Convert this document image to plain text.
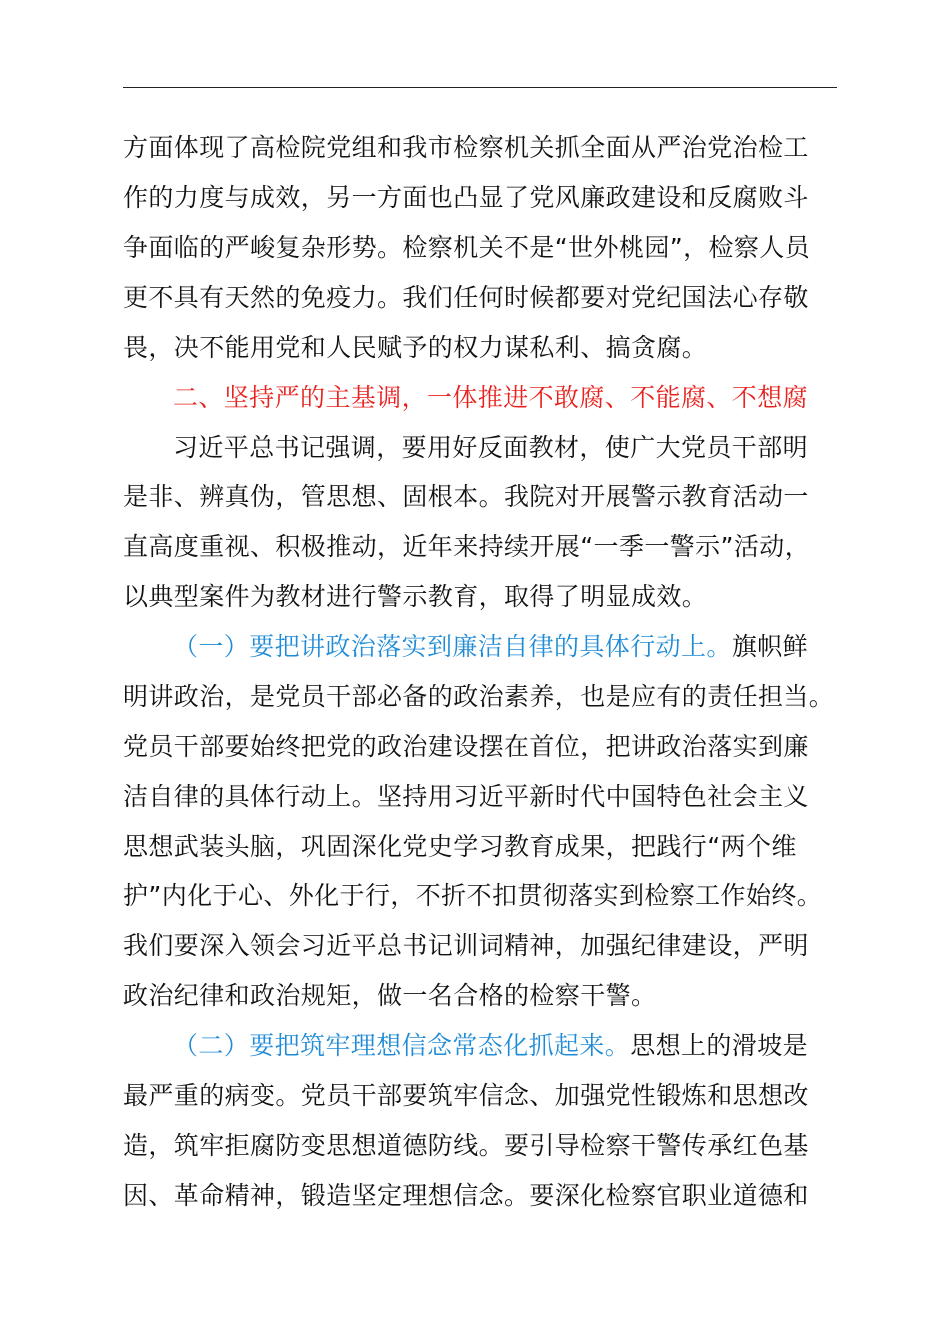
方面体现了高检院党组和我市检察机关抓全面从严治党治检工
作的力度与成效，另一方面也凸显了党风廉政建设和反腐败斗
争面临的严峻复杂形势。检察机关不是“世外桃园”，检察人员
更不具有天然的免疫力。我们任何时候都要对党纪国法心存敬
畏，决不能用党和人民赋予的权力谋私利、搞贪腐。
二、坚持严的主基调，一体推进不敢腐、不能腐、不想腐
习近平总书记强调，要用好反面教材，使广大党员干部明
是非、辨真伪，管思想、固根本。我院对开展警示教育活动一
直高度重视、积极推动，近年来持续开展“一季一警示”活动，
以典型案件为教材进行警示教育，取得了明显成效。
（一）要把讲政治落实到廉洁自律的具体行动上。旗帜鲜
明讲政治，是党员干部必备的政治素养，也是应有的责任担当。
党员干部要始终把党的政治建设摆在首位，把讲政治落实到廉
洁自律的具体行动上。坚持用习近平新时代中国特色社会主义
思想武装头脑，巩固深化党史学习教育成果，把践行“两个维
护”内化于心、外化于行，不折不扣贯彻落实到检察工作始终。
我们要深入领会习近平总书记训词精神，加强纪律建设，严明
政治纪律和政治规矩，做一名合格的检察干警。
（二）要把筑牢理想信念常态化抓起来。思想上的滑坡是
最严重的病变。党员干部要筑牢信念、加强党性锻炼和思想改
造，筑牢拒腐防变思想道德防线。要引导检察干警传承红色基
因、革命精神，锻造坚定理想信念。要深化检察官职业道德和
